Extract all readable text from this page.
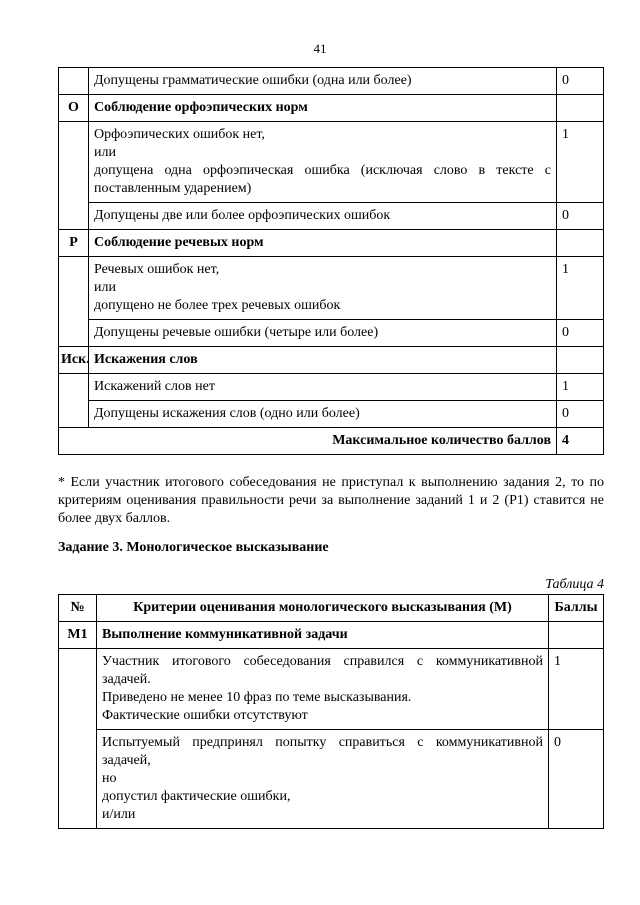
41
	Допущены грамматические ошибки (одна или более)	0
О	Соблюдение орфоэпических норм	

	Орфоэпических ошибок нет,
или
допущена одна орфоэпическая ошибка (исключая слово в тексте с поставленным ударением)	1
	Допущены две или более орфоэпических ошибок	0
Р	Соблюдение речевых норм	

	Речевых ошибок нет,
или
допущено не более трех речевых ошибок	1
	Допущены речевые ошибки (четыре или более)	0
Иск.	Искажения слов	
	Искажений слов нет	1
	Допущены искажения слов (одно или более)	0
Максимальное количество баллов		4
* Если участник итогового собеседования не приступал к выполнению задания 2, то по критериям оценивания правильности речи за выполнение заданий 1 и 2 (Р1) ставится не более двух баллов.
Задание 3. Монологическое высказывание
Таблица 4
№	Критерии оценивания монологического высказывания (М)	Баллы
М1	Выполнение коммуникативной задачи	

	Участник итогового собеседования справился с коммуникативной задачей.
Приведено не менее 10 фраз по теме высказывания.
Фактические ошибки отсутствуют	1

	Испытуемый предпринял попытку справиться с коммуникативной задачей,
но
допустил фактические ошибки,
и/или	0
